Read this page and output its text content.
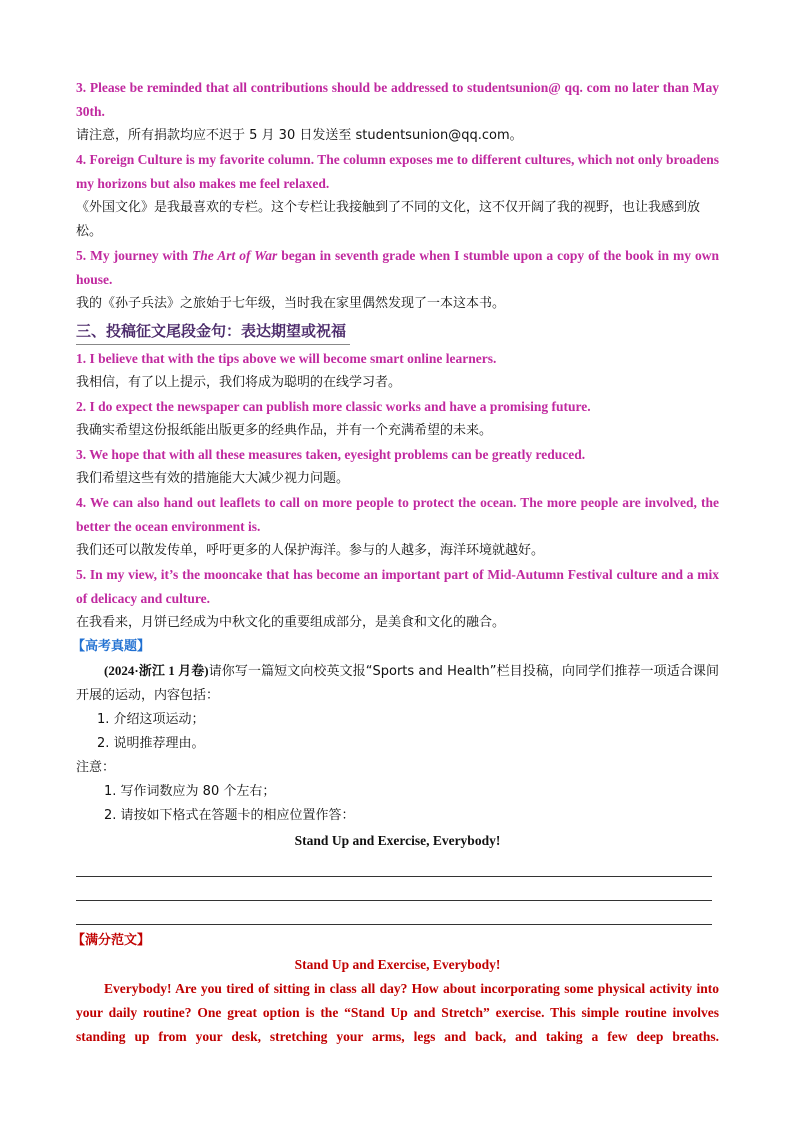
3. Please be reminded that all contributions should be addressed to studentsunion@ qq. com no later than May 30th.
请注意，所有捐款均应不迟于 5 月 30 日发送至 studentsunion@qq.com。
4. Foreign Culture is my favorite column. The column exposes me to different cultures, which not only broadens my horizons but also makes me feel relaxed.
《外国文化》是我最喜欢的专栏。这个专栏让我接触到了不同的文化，这不仅开阔了我的视野，也让我感到放松。
5. My journey with The Art of War began in seventh grade when I stumble upon a copy of the book in my own house.
我的《孙子兵法》之旅始于七年级，当时我在家里偶然发现了一本这本书。
三、投稿征文尾段金句：表达期望或祝福
1. I believe that with the tips above we will become smart online learners.
我相信，有了以上提示，我们将成为聪明的在线学习者。
2. I do expect the newspaper can publish more classic works and have a promising future.
我确实希望这份报纸能出版更多的经典作品，并有一个充满希望的未来。
3. We hope that with all these measures taken, eyesight problems can be greatly reduced.
我们希望这些有效的措施能大大减少视力问题。
4. We can also hand out leaflets to call on more people to protect the ocean. The more people are involved, the better the ocean environment is.
我们还可以散发传单，呼吁更多的人保护海洋。参与的人越多，海洋环境就越好。
5. In my view, it’s the mooncake that has become an important part of Mid-Autumn Festival culture and a mix of delicacy and culture.
在我看来，月饼已经成为中秋文化的重要组成部分，是美食和文化的融合。
【高考真题】
(2024·浙江 1 月卷)请你写一篇短文向校英文报“Sports and Health”栏目投稿，向同学们推荐一项适合课间开展的运动，内容包括：
1. 介绍这项运动；
2. 说明推荐理由。
注意：
1. 写作词数应为 80 个左右；
2. 请按如下格式在答题卡的相应位置作答：
Stand Up and Exercise, Everybody!
【满分范文】
Stand Up and Exercise, Everybody!
Everybody! Are you tired of sitting in class all day? How about incorporating some physical activity into your daily routine? One great option is the “Stand Up and Stretch” exercise. This simple routine involves standing up from your desk, stretching your arms, legs and back, and taking a few deep breaths.
